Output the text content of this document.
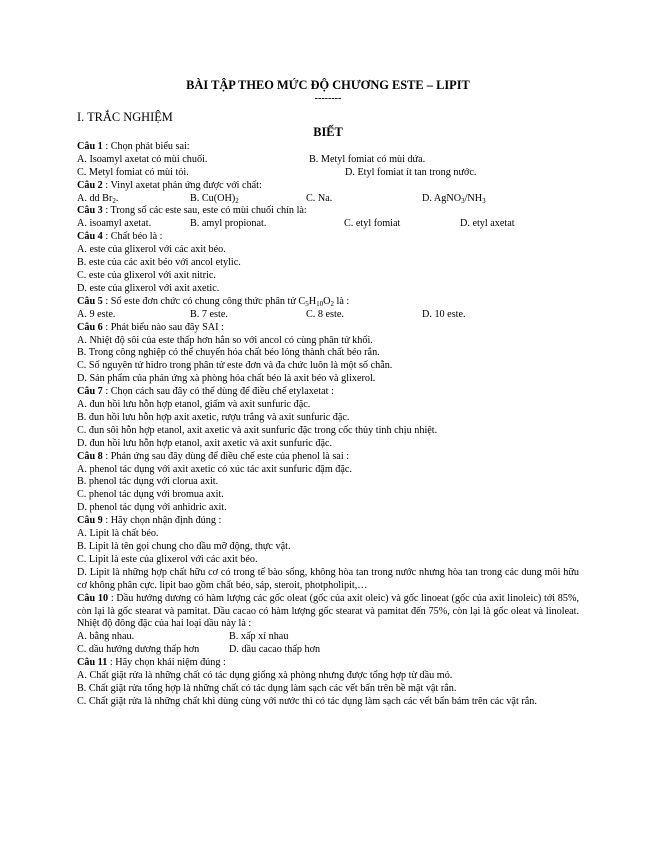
BÀI TẬP THEO MỨC ĐỘ CHƯƠNG ESTE – LIPIT
--------
I. TRẮC NGHIỆM
BIẾT
Câu 1 : Chọn phát biểu sai:
A. Isoamyl axetat có mùi chuối.	B. Metyl fomiat có mùi dứa.
C. Metyl fomiat có mùi tỏi.	D. Etyl fomiat ít tan trong nước.
Câu 2 : Vinyl axetat phản ứng được với chất:
A. dd $Br_2$.	B. $Cu(OH)_2$	C. Na.	D. $AgNO_3/NH_3$
Câu 3 : Trong số các este sau, este có mùi chuối chín là:
A. isoamyl axetat.	B. amyl propionat.	C. etyl fomiat	D. etyl axetat
Câu 4 : Chất béo là :
A. este của glixerol với các axit béo.
B. este của các axit béo với ancol etylic.
C. este của glixerol với axit nitric.
D. este của glixerol với axit axetic.
Câu 5 : Số este đơn chức có chung công thức phân tử $C_5H_{10}O_2$ là :
A. 9 este.	B. 7 este.	C. 8 este.	D. 10 este.
Câu 6 : Phát biểu nào sau đây SAI :
A. Nhiệt độ sôi của este thấp hơn hẳn so với ancol có cùng phân tử khối.
B. Trong công nghiệp có thể chuyển hóa chất béo lỏng thành chất béo rắn.
C. Số nguyên tử hidro trong phân tử este đơn và đa chức luôn là một số chẵn.
D. Sản phẩm của phản ứng xà phòng hóa chất béo là axit béo và glixerol.
Câu 7 : Chọn cách sau đây có thể dùng để điều chế etylaxetat :
A. đun hồi lưu hỗn hợp etanol, giấm và axit sunfuric đặc.
B. đun hồi lưu hỗn hợp axit axetic, rượu trắng và axit sunfuric đặc.
C. đun sôi hỗn hợp etanol, axit axetic và axit sunfuric đặc trong cốc thủy tinh chịu nhiệt.
D. đun hồi lưu hỗn hợp etanol, axit axetic và axit sunfuric đặc.
Câu 8 : Phản ứng sau đây dùng để điều chế este của phenol là sai :
A. phenol tác dụng với axit axetic có xúc tác axit sunfuric đậm đặc.
B. phenol tác dụng với clorua axit.
C. phenol tác dụng với bromua axit.
D. phenol tác dụng với anhidric axit.
Câu 9 : Hãy chọn nhận định đúng :
A. Lipit là chất béo.
B. Lipit là tên gọi chung cho dầu mỡ động, thực vật.
C. Lipit là este của glixerol với các axit béo.
D. Lipit là những hợp chất hữu cơ có trong tế bào sống, không hòa tan trong nước nhưng hòa tan trong các dung môi hữu cơ không phân cực. lipit bao gồm chất béo, sáp, steroit, photpholipit,…
Câu 10 : Dầu hướng dương có hàm lượng các gốc oleat (gốc của axit oleic) và gốc linoeat (gốc của axit linoleic) tới 85%, còn lại là gốc stearat và pamitat. Dầu cacao có hàm lượng gốc stearat và pamitat đến 75%, còn lại là gốc oleat và linoleat. Nhiệt độ đông đặc của hai loại dầu này là :
A. bằng nhau.	B. xấp xỉ nhau
C. dầu hướng dương thấp hơn	D. dầu cacao thấp hơn
Câu 11 : Hãy chọn khái niệm đúng :
A. Chất giặt rửa là những chất có tác dụng giống xà phòng nhưng được tổng hợp từ dầu mỏ.
B. Chất giặt rửa tổng hợp là những chất có tác dụng làm sạch các vết bẩn trên bề mặt vật rắn.
C. Chất giặt rửa là những chất khi dùng cùng với nước thì có tác dụng làm sạch các vết bẩn bám trên các vật rắn.
